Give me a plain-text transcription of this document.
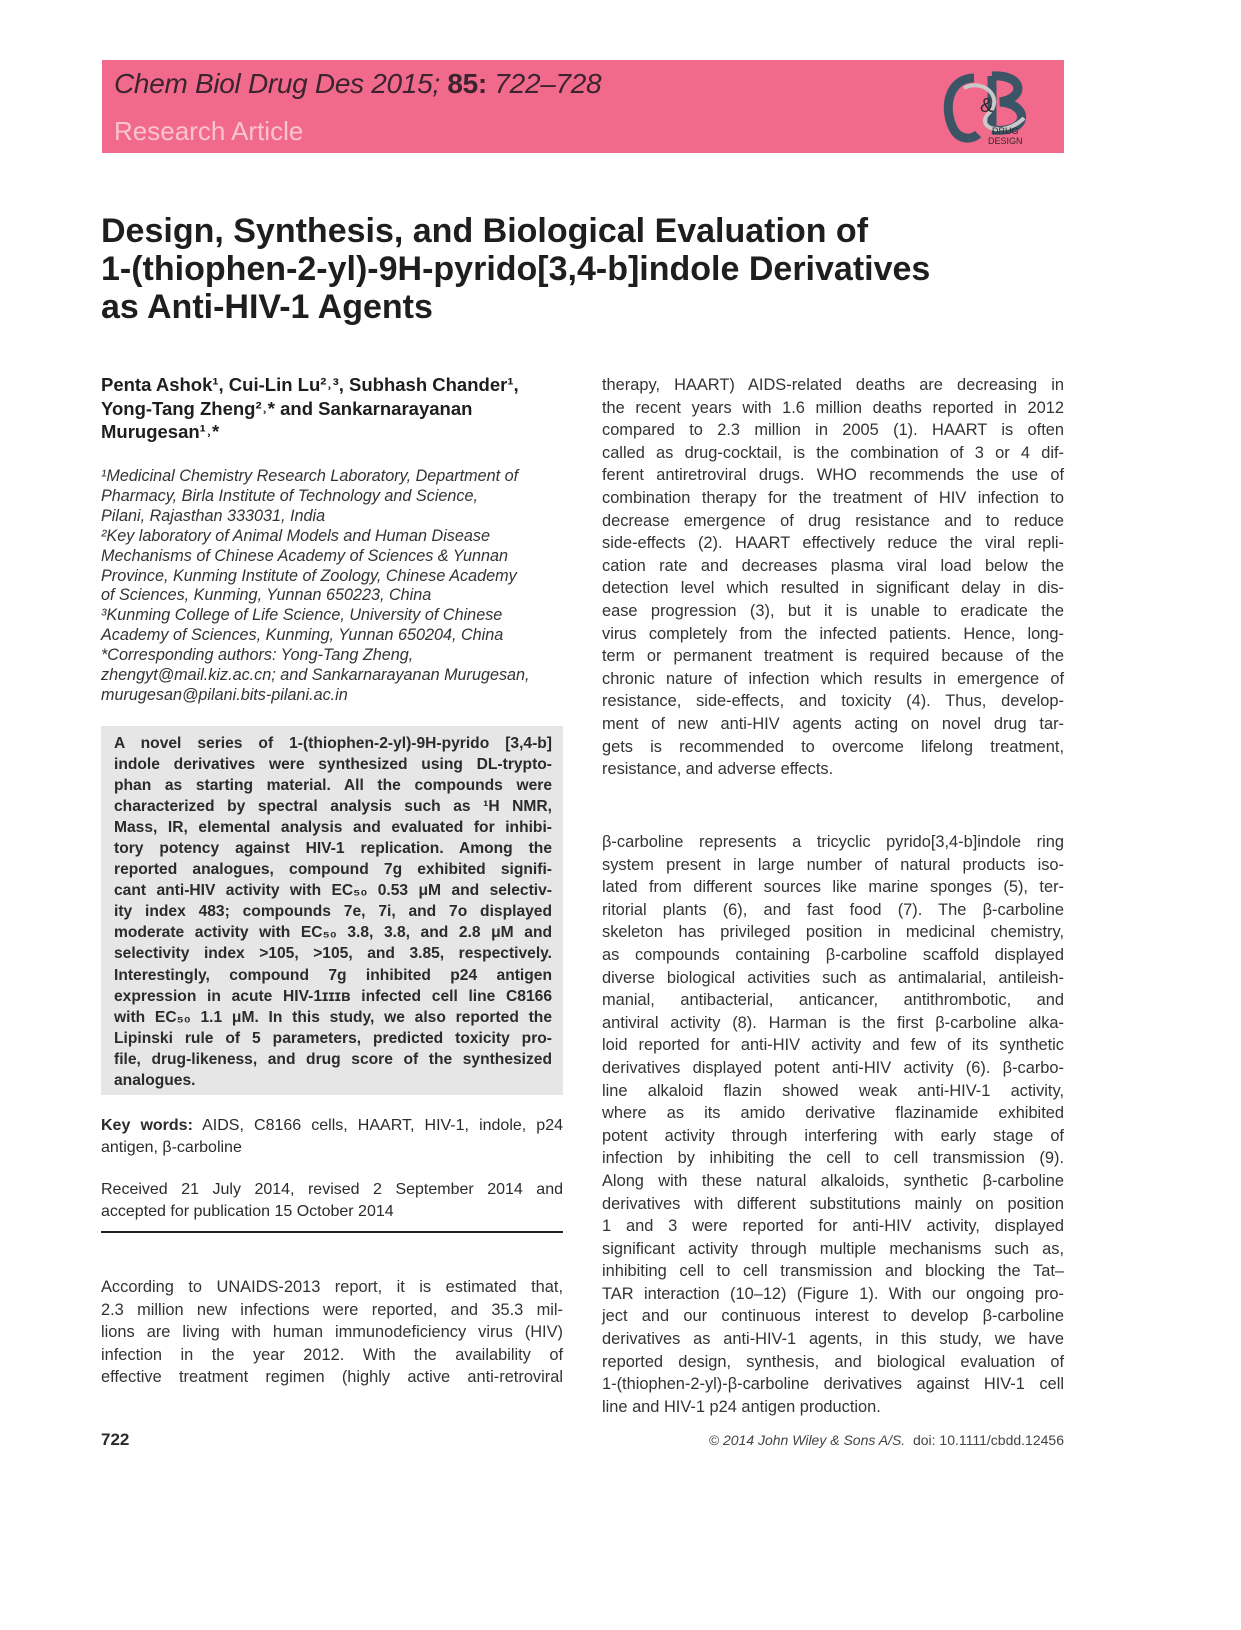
Chem Biol Drug Des 2015; 85: 722–728
Research Article
&
DRUG
DESIGN
Design, Synthesis, and Biological Evaluation of
1-(thiophen-2-yl)-9H-pyrido[3,4-b]indole Derivatives
as Anti-HIV-1 Agents
Penta Ashok¹, Cui-Lin Lu²˒³, Subhash Chander¹,
Yong-Tang Zheng²˒* and Sankarnarayanan
Murugesan¹˒*
¹Medicinal Chemistry Research Laboratory, Department of
Pharmacy, Birla Institute of Technology and Science,
Pilani, Rajasthan 333031, India
²Key laboratory of Animal Models and Human Disease
Mechanisms of Chinese Academy of Sciences & Yunnan
Province, Kunming Institute of Zoology, Chinese Academy
of Sciences, Kunming, Yunnan 650223, China
³Kunming College of Life Science, University of Chinese
Academy of Sciences, Kunming, Yunnan 650204, China
*Corresponding authors: Yong-Tang Zheng,
zhengyt@mail.kiz.ac.cn; and Sankarnarayanan Murugesan,
murugesan@pilani.bits-pilani.ac.in
A novel series of 1-(thiophen-2-yl)-9H-pyrido [3,4-b]
indole derivatives were synthesized using DL-trypto-
phan as starting material. All the compounds were
characterized by spectral analysis such as ¹H NMR,
Mass, IR, elemental analysis and evaluated for inhibi-
tory potency against HIV-1 replication. Among the
reported analogues, compound 7g exhibited signifi-
cant anti-HIV activity with EC₅₀ 0.53 μM and selectiv-
ity index 483; compounds 7e, 7i, and 7o displayed
moderate activity with EC₅₀ 3.8, 3.8, and 2.8 μM and
selectivity index >105, >105, and 3.85, respectively.
Interestingly, compound 7g inhibited p24 antigen
expression in acute HIV-1ɪɪɪʙ infected cell line C8166
with EC₅₀ 1.1 μM. In this study, we also reported the
Lipinski rule of 5 parameters, predicted toxicity pro-
file, drug-likeness, and drug score of the synthesized
analogues.
Key words: AIDS, C8166 cells, HAART, HIV-1, indole, p24
antigen, β-carboline
Received 21 July 2014, revised 2 September 2014 and
accepted for publication 15 October 2014
According to UNAIDS-2013 report, it is estimated that,
2.3 million new infections were reported, and 35.3 mil-
lions are living with human immunodeficiency virus (HIV)
infection in the year 2012. With the availability of
effective treatment regimen (highly active anti-retroviral
therapy, HAART) AIDS-related deaths are decreasing in
the recent years with 1.6 million deaths reported in 2012
compared to 2.3 million in 2005 (1). HAART is often
called as drug-cocktail, is the combination of 3 or 4 dif-
ferent antiretroviral drugs. WHO recommends the use of
combination therapy for the treatment of HIV infection to
decrease emergence of drug resistance and to reduce
side-effects (2). HAART effectively reduce the viral repli-
cation rate and decreases plasma viral load below the
detection level which resulted in significant delay in dis-
ease progression (3), but it is unable to eradicate the
virus completely from the infected patients. Hence, long-
term or permanent treatment is required because of the
chronic nature of infection which results in emergence of
resistance, side-effects, and toxicity (4). Thus, develop-
ment of new anti-HIV agents acting on novel drug tar-
gets is recommended to overcome lifelong treatment,
resistance, and adverse effects.
β-carboline represents a tricyclic pyrido[3,4-b]indole ring
system present in large number of natural products iso-
lated from different sources like marine sponges (5), ter-
ritorial plants (6), and fast food (7). The β-carboline
skeleton has privileged position in medicinal chemistry,
as compounds containing β-carboline scaffold displayed
diverse biological activities such as antimalarial, antileish-
manial, antibacterial, anticancer, antithrombotic, and
antiviral activity (8). Harman is the first β-carboline alka-
loid reported for anti-HIV activity and few of its synthetic
derivatives displayed potent anti-HIV activity (6). β-carbo-
line alkaloid flazin showed weak anti-HIV-1 activity,
where as its amido derivative flazinamide exhibited
potent activity through interfering with early stage of
infection by inhibiting the cell to cell transmission (9).
Along with these natural alkaloids, synthetic β-carboline
derivatives with different substitutions mainly on position
1 and 3 were reported for anti-HIV activity, displayed
significant activity through multiple mechanisms such as,
inhibiting cell to cell transmission and blocking the Tat–
TAR interaction (10–12) (Figure 1). With our ongoing pro-
ject and our continuous interest to develop β-carboline
derivatives as anti-HIV-1 agents, in this study, we have
reported design, synthesis, and biological evaluation of
1-(thiophen-2-yl)-β-carboline derivatives against HIV-1 cell
line and HIV-1 p24 antigen production.
722	© 2014 John Wiley & Sons A/S. doi: 10.1111/cbdd.12456
